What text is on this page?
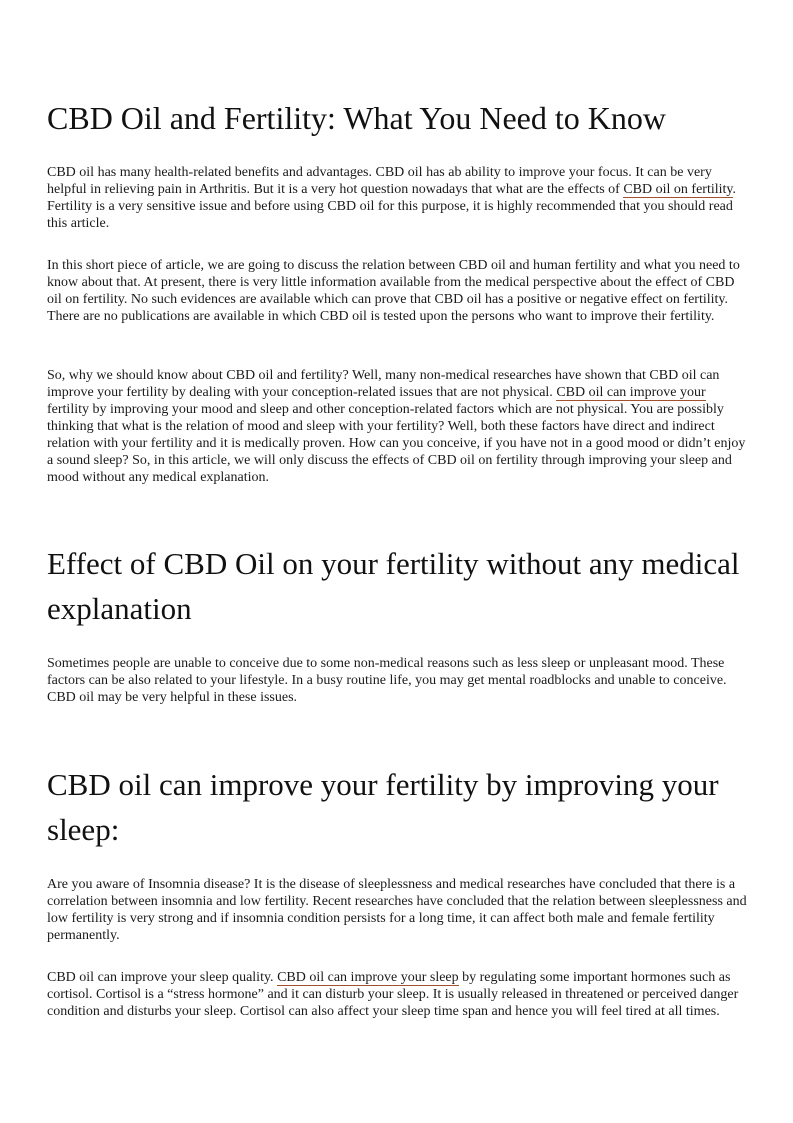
CBD Oil and Fertility: What You Need to Know

CBD oil has many health-related benefits and advantages. CBD oil has ab ability to improve your focus. It can be very helpful in relieving pain in Arthritis. But it is a very hot question nowadays that what are the effects of CBD oil on fertility. Fertility is a very sensitive issue and before using CBD oil for this purpose, it is highly recommended that you should read this article.

In this short piece of article, we are going to discuss the relation between CBD oil and human fertility and what you need to know about that. At present, there is very little information available from the medical perspective about the effect of CBD oil on fertility. No such evidences are available which can prove that CBD oil has a positive or negative effect on fertility. There are no publications are available in which CBD oil is tested upon the persons who want to improve their fertility.

So, why we should know about CBD oil and fertility? Well, many non-medical researches have shown that CBD oil can improve your fertility by dealing with your conception-related issues that are not physical. CBD oil can improve your fertility by improving your mood and sleep and other conception-related factors which are not physical. You are possibly thinking that what is the relation of mood and sleep with your fertility? Well, both these factors have direct and indirect relation with your fertility and it is medically proven. How can you conceive, if you have not in a good mood or didn’t enjoy a sound sleep? So, in this article, we will only discuss the effects of CBD oil on fertility through improving your sleep and mood without any medical explanation.

Effect of CBD Oil on your fertility without any medical explanation

Sometimes people are unable to conceive due to some non-medical reasons such as less sleep or unpleasant mood. These factors can be also related to your lifestyle. In a busy routine life, you may get mental roadblocks and unable to conceive. CBD oil may be very helpful in these issues.

CBD oil can improve your fertility by improving your sleep:

Are you aware of Insomnia disease? It is the disease of sleeplessness and medical researches have concluded that there is a correlation between insomnia and low fertility. Recent researches have concluded that the relation between sleeplessness and low fertility is very strong and if insomnia condition persists for a long time, it can affect both male and female fertility permanently.

CBD oil can improve your sleep quality. CBD oil can improve your sleep by regulating some important hormones such as cortisol. Cortisol is a “stress hormone” and it can disturb your sleep. It is usually released in threatened or perceived danger condition and disturbs your sleep. Cortisol can also affect your sleep time span and hence you will feel tired at all times.
